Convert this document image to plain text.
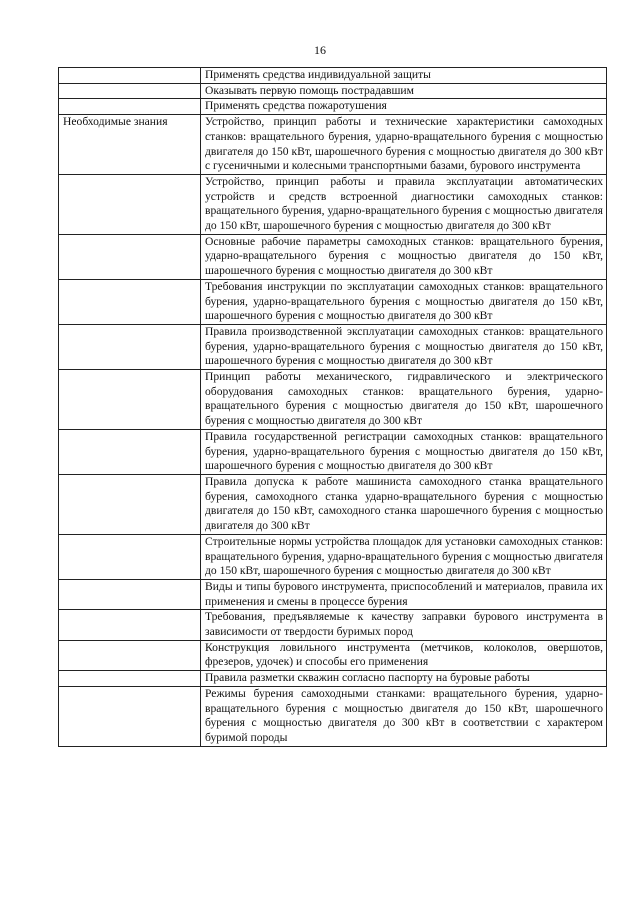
16
	Применять средства индивидуальной защиты
	Оказывать первую помощь пострадавшим
	Применять средства пожаротушения
Необходимые знания	Устройство, принцип работы и технические характеристики самоходных станков: вращательного бурения, ударно-вращательного бурения с мощностью двигателя до 150 кВт, шарошечного бурения с мощностью двигателя до 300 кВт с гусеничными и колесными транспортными базами, бурового инструмента
	Устройство, принцип работы и правила эксплуатации автоматических устройств и средств встроенной диагностики самоходных станков: вращательного бурения, ударно-вращательного бурения с мощностью двигателя до 150 кВт, шарошечного бурения с мощностью двигателя до 300 кВт
	Основные рабочие параметры самоходных станков: вращательного бурения, ударно-вращательного бурения с мощностью двигателя до 150 кВт, шарошечного бурения с мощностью двигателя до 300 кВт
	Требования инструкции по эксплуатации самоходных станков: вращательного бурения, ударно-вращательного бурения с мощностью двигателя до 150 кВт, шарошечного бурения с мощностью двигателя до 300 кВт
	Правила производственной эксплуатации самоходных станков: вращательного бурения, ударно-вращательного бурения с мощностью двигателя до 150 кВт, шарошечного бурения с мощностью двигателя до 300 кВт
	Принцип работы механического, гидравлического и электрического оборудования самоходных станков: вращательного бурения, ударно-вращательного бурения с мощностью двигателя до 150 кВт, шарошечного бурения с мощностью двигателя до 300 кВт
	Правила государственной регистрации самоходных станков: вращательного бурения, ударно-вращательного бурения с мощностью двигателя до 150 кВт, шарошечного бурения с мощностью двигателя до 300 кВт
	Правила допуска к работе машиниста самоходного станка вращательного бурения, самоходного станка ударно-вращательного бурения с мощностью двигателя до 150 кВт, самоходного станка шарошечного бурения с мощностью двигателя до 300 кВт
	Строительные нормы устройства площадок для установки самоходных станков: вращательного бурения, ударно-вращательного бурения с мощностью двигателя до 150 кВт, шарошечного бурения с мощностью двигателя до 300 кВт
	Виды и типы бурового инструмента, приспособлений и материалов, правила их применения и смены в процессе бурения
	Требования, предъявляемые к качеству заправки бурового инструмента в зависимости от твердости буримых пород
	Конструкция ловильного инструмента (метчиков, колоколов, овершотов, фрезеров, удочек) и способы его применения
	Правила разметки скважин согласно паспорту на буровые работы
	Режимы бурения самоходными станками: вращательного бурения, ударно-вращательного бурения с мощностью двигателя до 150 кВт, шарошечного бурения с мощностью двигателя до 300 кВт в соответствии с характером буримой породы
